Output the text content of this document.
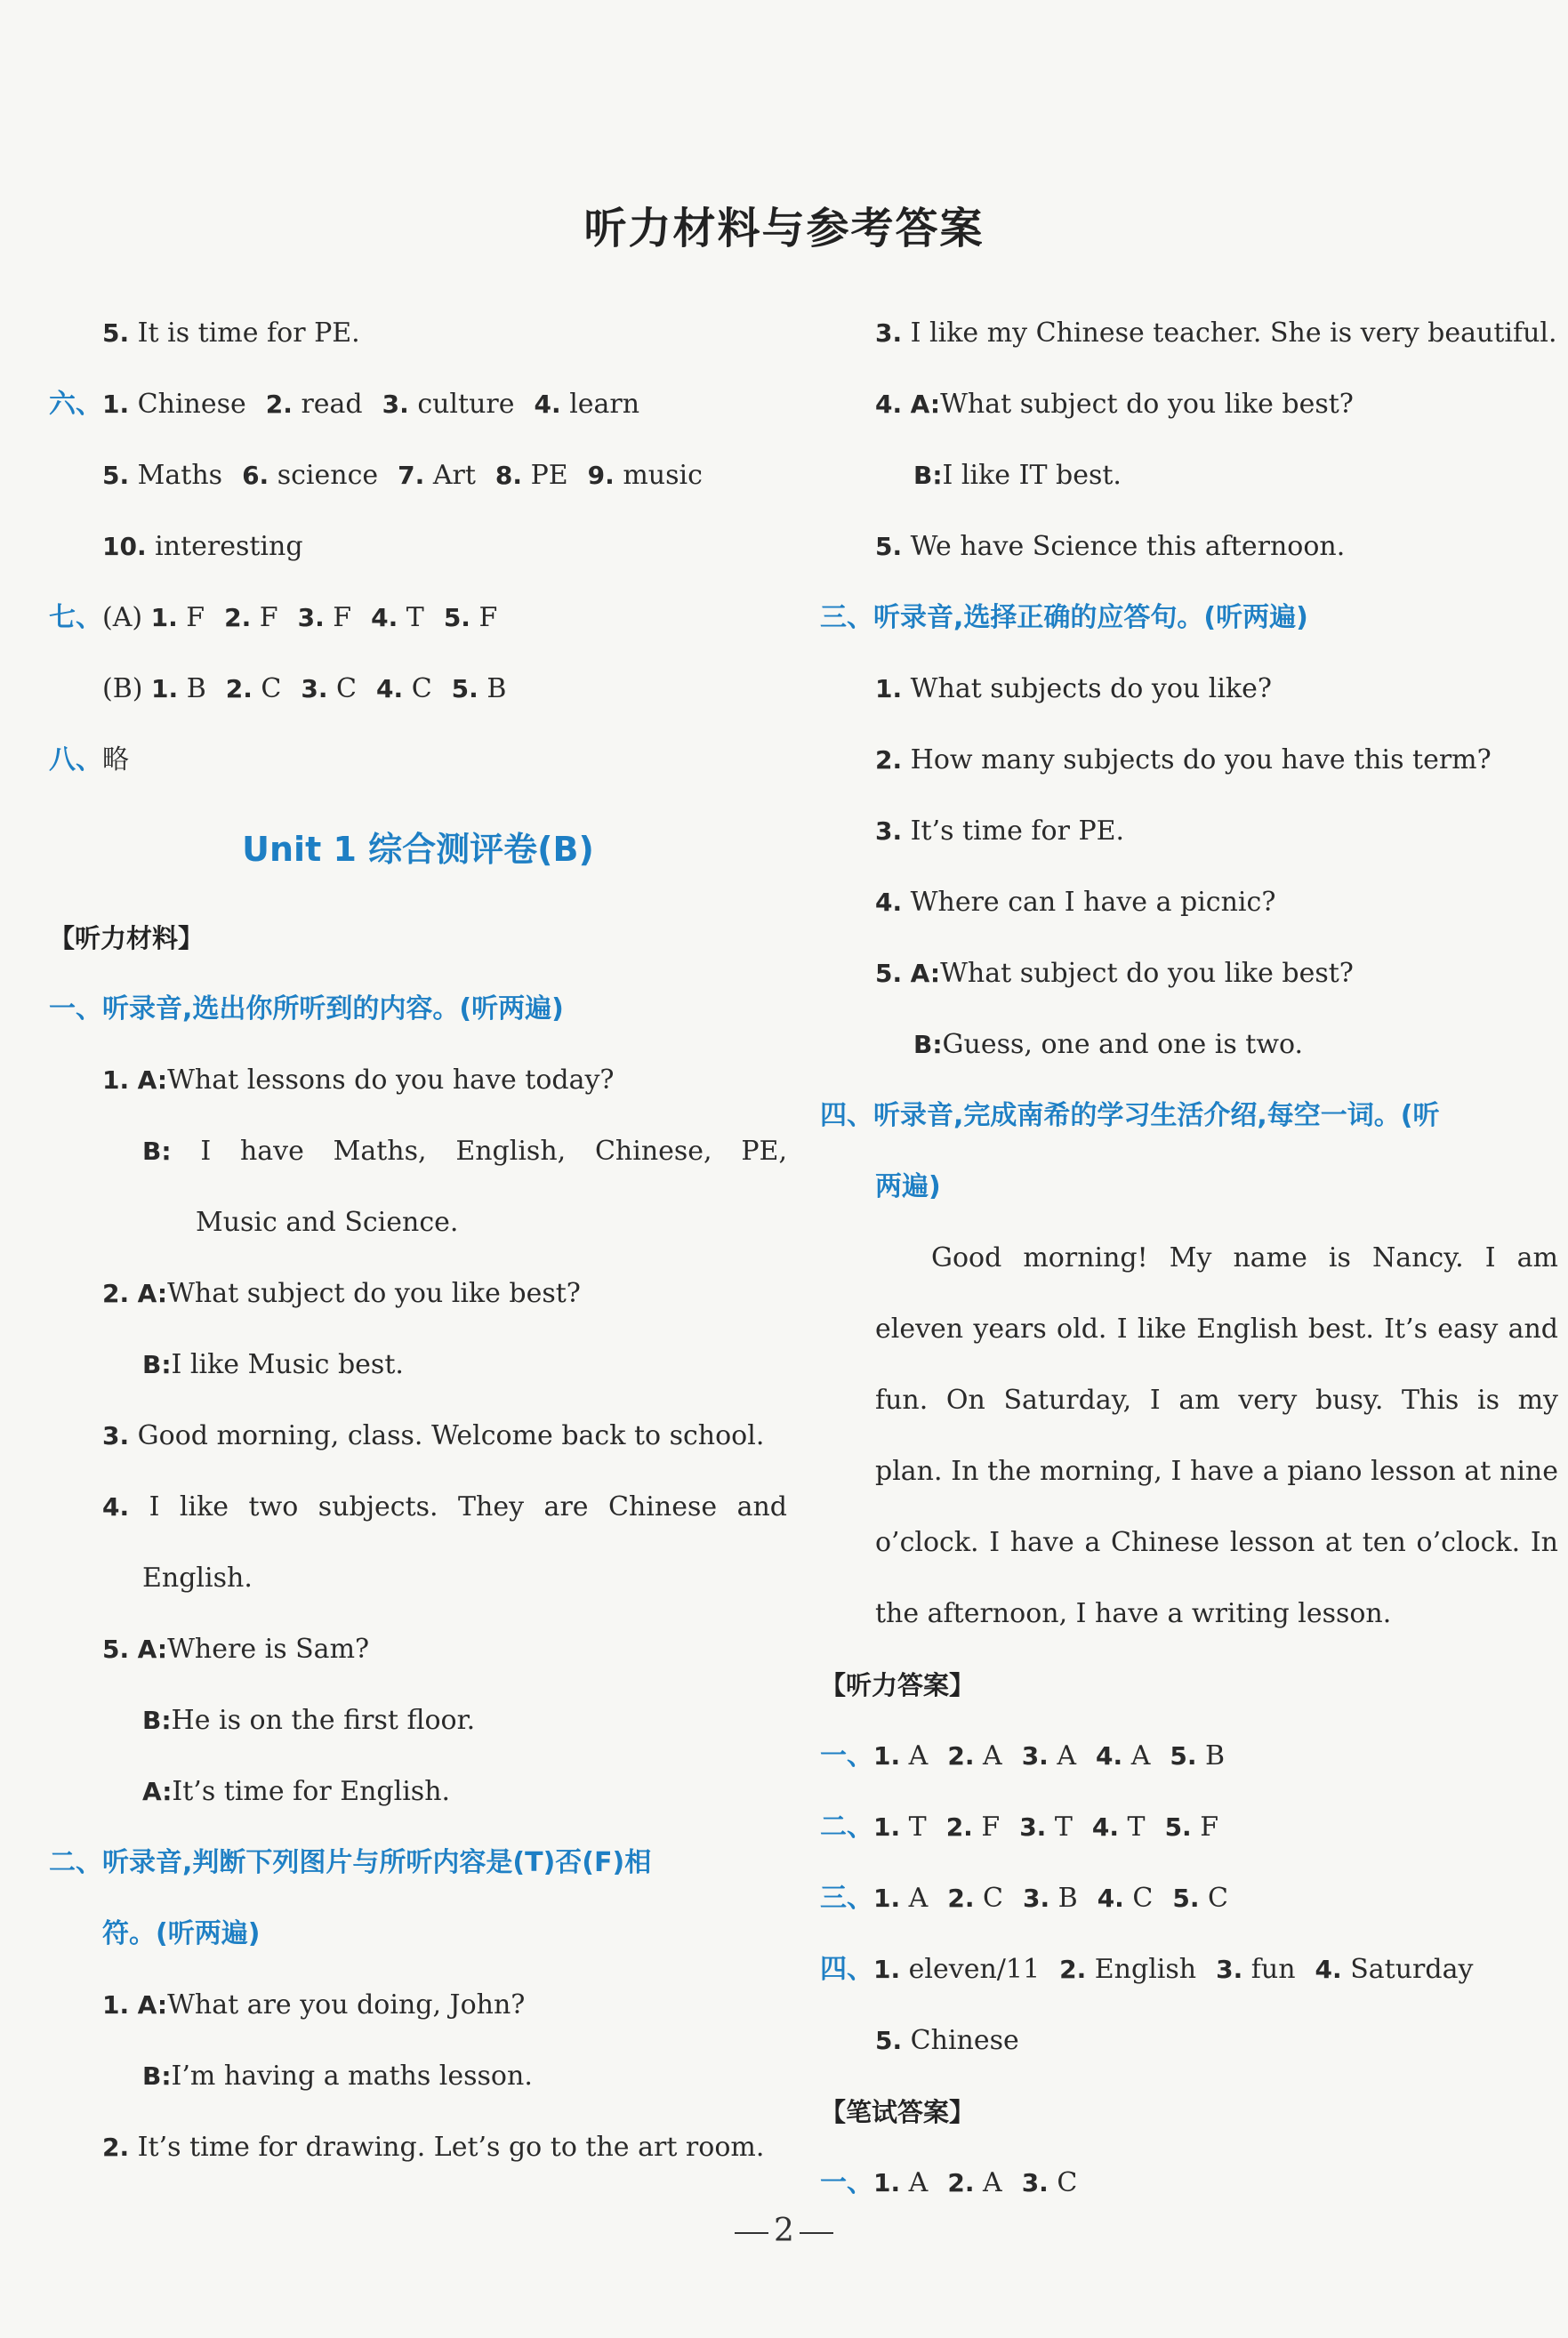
听力材料与参考答案
5. It is time for PE.
六、1. Chinese 2. read 3. culture 4. learn
5. Maths 6. science 7. Art 8. PE 9. music
10. interesting
七、(A) 1. F 2. F 3. F 4. T 5. F
(B) 1. B 2. C 3. C 4. C 5. B
八、略
Unit 1 综合测评卷(B)
【听力材料】
一、听录音,选出你所听到的内容。(听两遍)
1. A:What lessons do you have today?
B: I have Maths, English, Chinese, PE,
Music and Science.
2. A:What subject do you like best?
B:I like Music best.
3. Good morning, class. Welcome back to school.
4. I like two subjects. They are Chinese and
English.
5. A:Where is Sam?
B:He is on the first floor.
A:It’s time for English.
二、听录音,判断下列图片与所听内容是(T)否(F)相
符。(听两遍)
1. A:What are you doing, John?
B:I’m having a maths lesson.
2. It’s time for drawing. Let’s go to the art room.
3. I like my Chinese teacher. She is very beautiful.
4. A:What subject do you like best?
B:I like IT best.
5. We have Science this afternoon.
三、听录音,选择正确的应答句。(听两遍)
1. What subjects do you like?
2. How many subjects do you have this term?
3. It’s time for PE.
4. Where can I have a picnic?
5. A:What subject do you like best?
B:Guess, one and one is two.
四、听录音,完成南希的学习生活介绍,每空一词。(听
两遍)
Good morning! My name is Nancy. I am
eleven years old. I like English best. It’s easy and
fun. On Saturday, I am very busy. This is my
plan. In the morning, I have a piano lesson at nine
o’clock. I have a Chinese lesson at ten o’clock. In
the afternoon, I have a writing lesson.
【听力答案】
一、1. A 2. A 3. A 4. A 5. B
二、1. T 2. F 3. T 4. T 5. F
三、1. A 2. C 3. B 4. C 5. C
四、1. eleven/11 2. English 3. fun 4. Saturday
5. Chinese
【笔试答案】
一、1. A 2. A 3. C
2
